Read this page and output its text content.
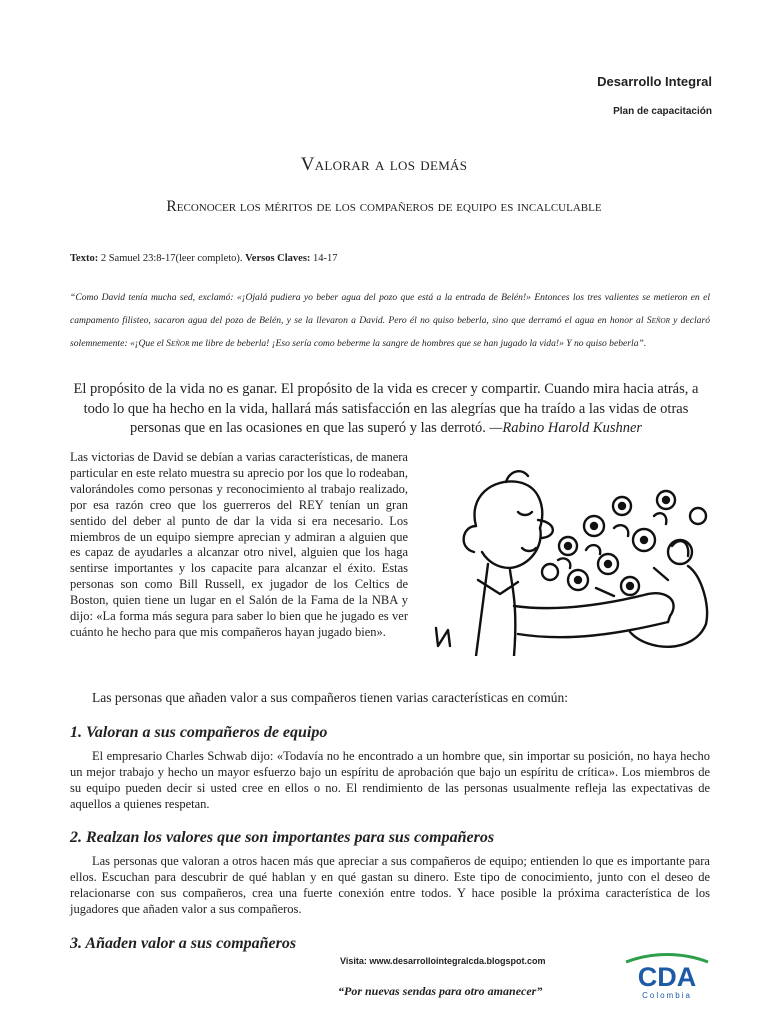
Desarrollo Integral
Plan de capacitación
Valorar a los demás
Reconocer los méritos de los compañeros de equipo es incalculable
Texto: 2 Samuel 23:8-17(leer completo). Versos Claves: 14-17
“Como David tenía mucha sed, exclamó: «¡Ojalá pudiera yo beber agua del pozo que está a la entrada de Belén!» Entonces los tres valientes se metieron en el campamento filisteo, sacaron agua del pozo de Belén, y se la llevaron a David. Pero él no quiso beberla, sino que derramó el agua en honor al Señor y declaró solemnemente: «¡Que el Señor me libre de beberla! ¡Eso sería como beberme la sangre de hombres que se han jugado la vida!» Y no quiso beberla”.
El propósito de la vida no es ganar. El propósito de la vida es crecer y compartir. Cuando mira hacia atrás, a todo lo que ha hecho en la vida, hallará más satisfacción en las alegrías que ha traído a las vidas de otras personas que en las ocasiones en que las superó y las derrotó. —Rabino Harold Kushner
Las victorias de David se debían a varias características, de manera particular en este relato muestra su aprecio por los que lo rodeaban, valorándoles como personas y reconocimiento al trabajo realizado, por esa razón creo que los guerreros del REY tenían un gran sentido del deber al punto de dar la vida si era necesario. Los miembros de un equipo siempre aprecian y admiran a alguien que es capaz de ayudarles a alcanzar otro nivel, alguien que los haga sentirse importantes y los capacite para alcanzar el éxito. Estas personas son como Bill Russell, ex jugador de los Celtics de Boston, quien tiene un lugar en el Salón de la Fama de la NBA y dijo: «La forma más segura para saber lo bien que he jugado es ver cuánto he hecho para que mis compañeros hayan jugado bien».
Las personas que añaden valor a sus compañeros tienen varias características en común:
1. Valoran a sus compañeros de equipo
El empresario Charles Schwab dijo: «Todavía no he encontrado a un hombre que, sin importar su posición, no haya hecho un mejor trabajo y hecho un mayor esfuerzo bajo un espíritu de aprobación que bajo un espíritu de crítica». Los miembros de su equipo pueden decir si usted cree en ellos o no. El rendimiento de las personas usualmente refleja las expectativas de aquellos a quienes respetan.
2. Realzan los valores que son importantes para sus compañeros
Las personas que valoran a otros hacen más que apreciar a sus compañeros de equipo; entienden lo que es importante para ellos. Escuchan para descubrir de qué hablan y en qué gastan su dinero. Este tipo de conocimiento, junto con el deseo de relacionarse con sus compañeros, crea una fuerte conexión entre todos. Y hace posible la próxima característica de los jugadores que añaden valor a sus compañeros.
3. Añaden valor a sus compañeros
Visita: www.desarrollointegralcda.blogspot.com
“Por nuevas sendas para otro amanecer”	CDA
Colombia
